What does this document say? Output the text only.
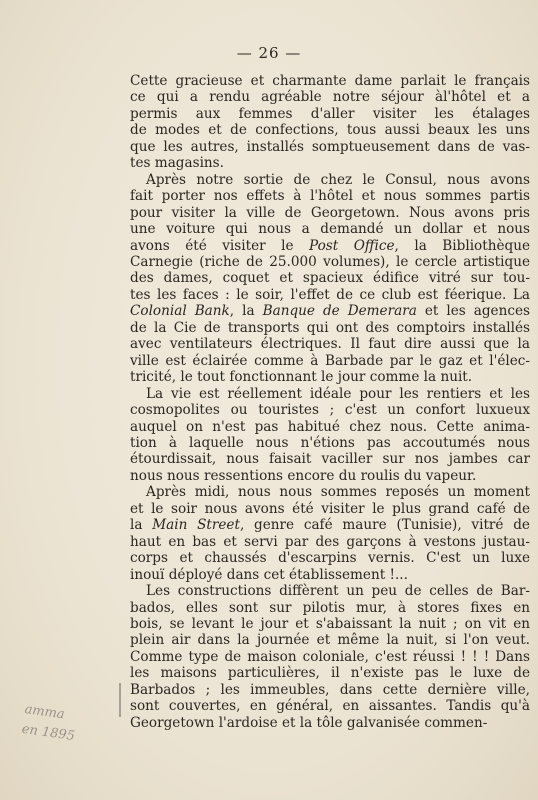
— 26 —
Cette gracieuse et charmante dame parlait le français
ce qui a rendu agréable notre séjour àl'hôtel et a
permis aux femmes d'aller visiter les étalages
de modes et de confections, tous aussi beaux les uns
que les autres, installés somptueusement dans de vas-
tes magasins.
Après notre sortie de chez le Consul, nous avons
fait porter nos effets à l'hôtel et nous sommes partis
pour visiter la ville de Georgetown. Nous avons pris
une voiture qui nous a demandé un dollar et nous
avons été visiter le Post Office, la Bibliothèque
Carnegie (riche de 25.000 volumes), le cercle artistique
des dames, coquet et spacieux édifice vitré sur tou-
tes les faces : le soir, l'effet de ce club est féerique. La
Colonial Bank, la Banque de Demerara et les agences
de la Cie de transports qui ont des comptoirs installés
avec ventilateurs électriques. Il faut dire aussi que la
ville est éclairée comme à Barbade par le gaz et l'élec-
tricité, le tout fonctionnant le jour comme la nuit.
La vie est réellement idéale pour les rentiers et les
cosmopolites ou touristes ; c'est un confort luxueux
auquel on n'est pas habitué chez nous. Cette anima-
tion à laquelle nous n'étions pas accoutumés nous
étourdissait, nous faisait vaciller sur nos jambes car
nous nous ressentions encore du roulis du vapeur.
Après midi, nous nous sommes reposés un moment
et le soir nous avons été visiter le plus grand café de
la Main Street, genre café maure (Tunisie), vitré de
haut en bas et servi par des garçons à vestons justau-
corps et chaussés d'escarpins vernis. C'est un luxe
inouï déployé dans cet établissement !...
Les constructions diffèrent un peu de celles de Bar-
bados, elles sont sur pilotis mur, à stores fixes en
bois, se levant le jour et s'abaissant la nuit ; on vit en
plein air dans la journée et même la nuit, si l'on veut.
Comme type de maison coloniale, c'est réussi ! ! ! Dans
les maisons particulières, il n'existe pas le luxe de
Barbados ; les immeubles, dans cette dernière ville,
sont couvertes, en général, en aissantes. Tandis qu'à
Georgetown l'ardoise et la tôle galvanisée commen-
amma
en 1895
